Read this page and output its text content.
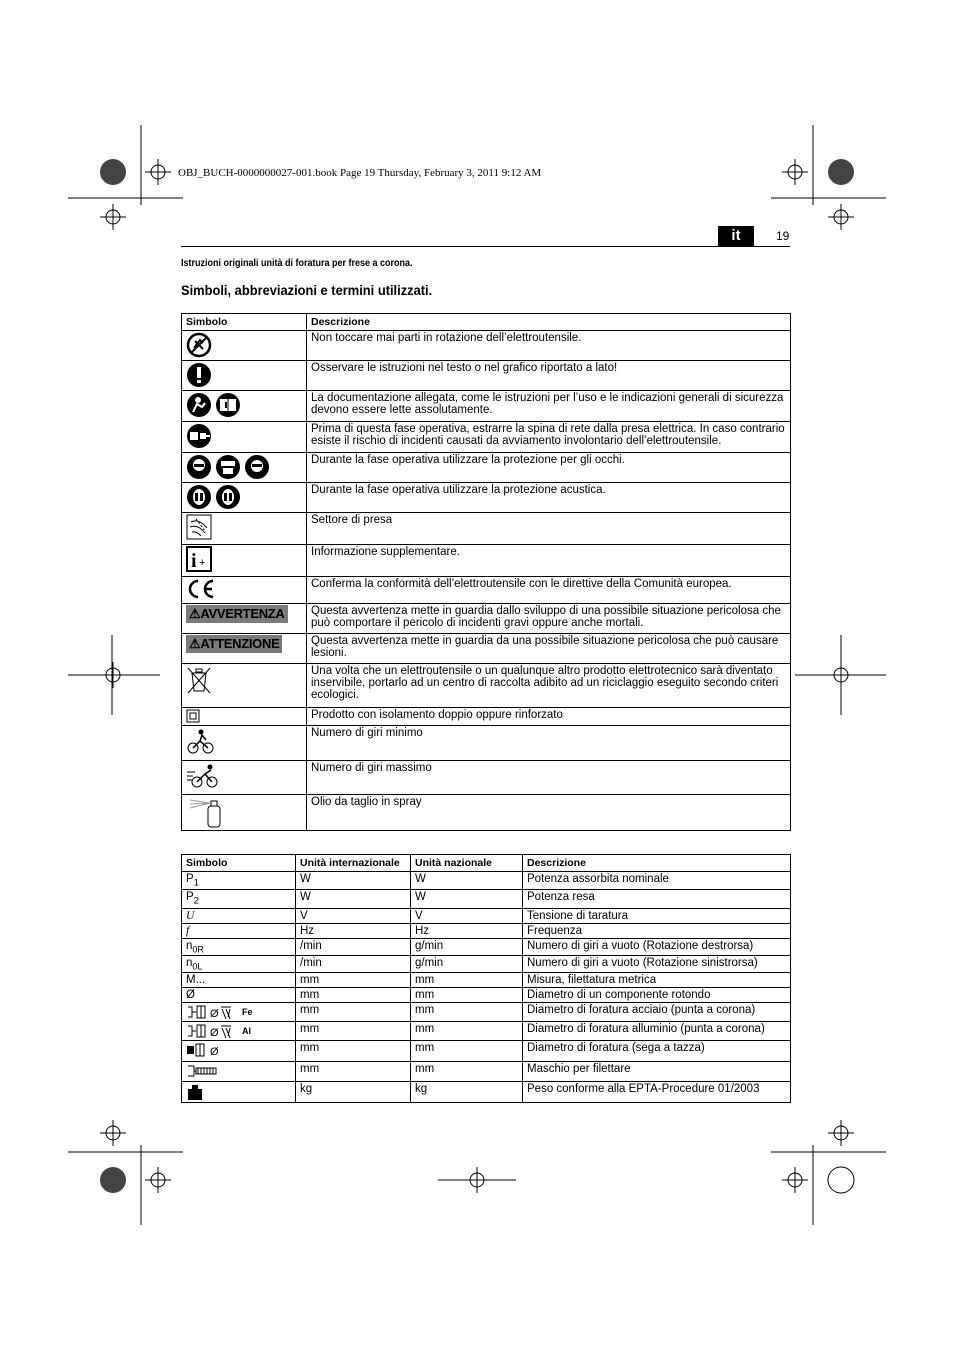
OBJ_BUCH-0000000027-001.book Page 19 Thursday, February 3, 2011 9:12 AM
it	19
Istruzioni originali unità di foratura per frese a corona.
Simboli, abbreviazioni e termini utilizzati.
Simbolo	Descrizione
	Non toccare mai parti in rotazione dell’elettroutensile.
	Osservare le istruzioni nel testo o nel grafico riportato a lato!
	La documentazione allegata, come le istruzioni per l’uso e le indicazioni generali di sicurezza devono essere lette assolutamente.
	Prima di questa fase operativa, estrarre la spina di rete dalla presa elettrica. In caso contrario esiste il rischio di incidenti causati da avviamento involontario dell’elettroutensile.
	Durante la fase operativa utilizzare la protezione per gli occhi.
	Durante la fase operativa utilizzare la protezione acustica.
	Settore di presa

i +	Informazione supplementare.
	Conferma la conformità dell’elettroutensile con le direttive della Comunità europea.
⚠AVVERTENZA	Questa avvertenza mette in guardia dallo sviluppo di una possibile situazione pericolosa che può comportare il pericolo di incidenti gravi oppure anche mortali.
⚠ATTENZIONE	Questa avvertenza mette in guardia da una possibile situazione pericolosa che può causare lesioni.
	Una volta che un elettroutensile o un qualunque altro prodotto elettrotecnico sarà diventato inservibile, portarlo ad un centro di raccolta adibito ad un riciclaggio eseguito secondo criteri ecologici.
	Prodotto con isolamento doppio oppure rinforzato
	Numero di giri minimo
	Numero di giri massimo
	Olio da taglio in spray
Simbolo	Unità internazionale	Unità nazionale	Descrizione
$P_1$	W	W	Potenza assorbita nominale
$P_2$	W	W	Potenza resa
U	V	V	Tensione di taratura
f	Hz	Hz	Frequenza
$n_{0R}$	/min	g/min	Numero di giri a vuoto (Rotazione destrorsa)
$n_{0L}$	/min	g/min	Numero di giri a vuoto (Rotazione sinistrorsa)
M...	mm	mm	Misura, filettatura metrica
Ø	mm	mm	Diametro di un componente rotondo

Ø Fe	mm	mm	Diametro di foratura acciaio (punta a corona)

Ø Al	mm	mm	Diametro di foratura alluminio (punta a corona)

Ø	mm	mm	Diametro di foratura (sega a tazza)
	mm	mm	Maschio per filettare
	kg	kg	Peso conforme alla EPTA-Procedure 01/2003
